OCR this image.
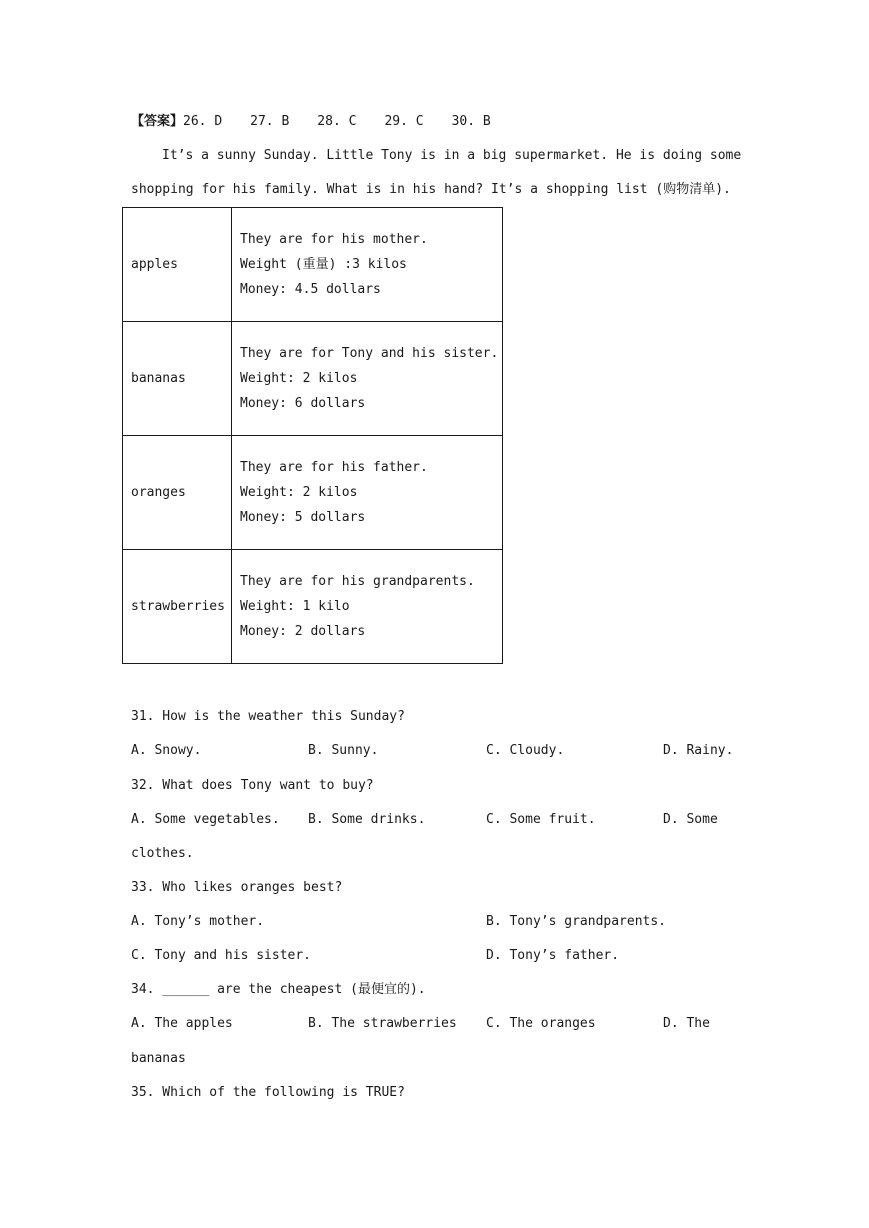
【答案】26. D 27. B 28. C 29. C 30. B
It’s a sunny Sunday. Little Tony is in a big supermarket. He is doing some
shopping for his family. What is in his hand? It’s a shopping list (购物清单).
apples	They are for his mother.
Weight (重量) :3 kilos
Money: 4.5 dollars

bananas	They are for Tony and his sister.
Weight: 2 kilos
Money: 6 dollars

oranges	They are for his father.
Weight: 2 kilos
Money: 5 dollars

strawberries	They are for his grandparents.
Weight: 1 kilo
Money: 2 dollars
31. How is the weather this Sunday?
A. Snowy.	B. Sunny.	C. Cloudy.	D. Rainy.
32. What does Tony want to buy?
A. Some vegetables. B. Some drinks.	C. Some fruit.	D. Some
clothes.
33. Who likes oranges best?
A. Tony’s mother.	B. Tony’s grandparents.
C. Tony and his sister.	D. Tony’s father.
34. ______ are the cheapest (最便宜的).
A. The apples	B. The strawberries C. The oranges	D. The
bananas
35. Which of the following is TRUE?
